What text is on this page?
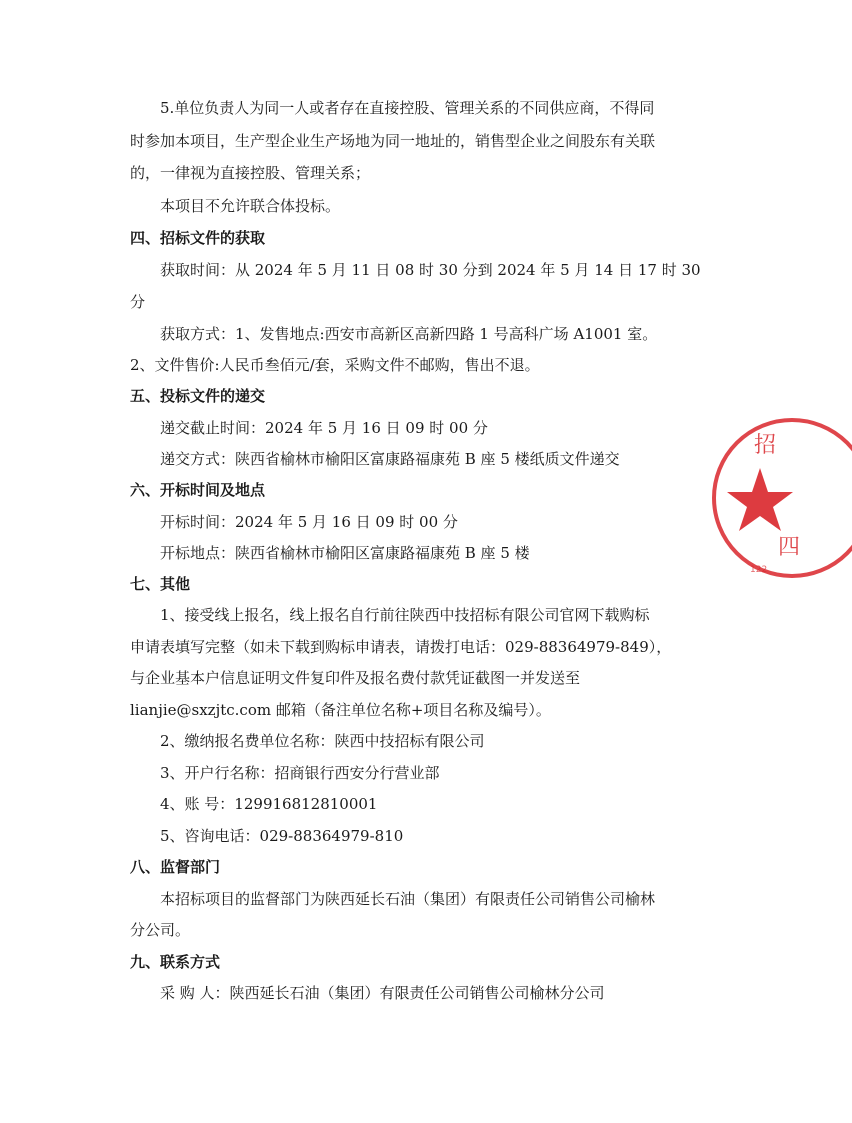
5.单位负责人为同一人或者存在直接控股、管理关系的不同供应商，不得同
时参加本项目，生产型企业生产场地为同一地址的，销售型企业之间股东有关联
的，一律视为直接控股、管理关系；
本项目不允许联合体投标。
四、招标文件的获取
获取时间：从 2024 年 5 月 11 日 08 时 30 分到 2024 年 5 月 14 日 17 时 30
分
获取方式：1、发售地点:西安市高新区高新四路 1 号高科广场 A1001 室。
2、文件售价:人民币叁佰元/套，采购文件不邮购，售出不退。
五、投标文件的递交
递交截止时间：2024 年 5 月 16 日 09 时 00 分
递交方式：陕西省榆林市榆阳区富康路福康苑 B 座 5 楼纸质文件递交
六、开标时间及地点
开标时间：2024 年 5 月 16 日 09 时 00 分
开标地点：陕西省榆林市榆阳区富康路福康苑 B 座 5 楼
七、其他
1、接受线上报名，线上报名自行前往陕西中技招标有限公司官网下载购标
申请表填写完整（如未下载到购标申请表，请拨打电话：029-88364979-849），
与企业基本户信息证明文件复印件及报名费付款凭证截图一并发送至
lianjie@sxzjtc.com 邮箱（备注单位名称+项目名称及编号）。
2、缴纳报名费单位名称：陕西中技招标有限公司
3、开户行名称：招商银行西安分行营业部
4、账 号：129916812810001
5、咨询电话：029-88364979-810
八、监督部门
本招标项目的监督部门为陕西延长石油（集团）有限责任公司销售公司榆林
分公司。
九、联系方式
采 购 人：陕西延长石油（集团）有限责任公司销售公司榆林分公司
招
四
122
